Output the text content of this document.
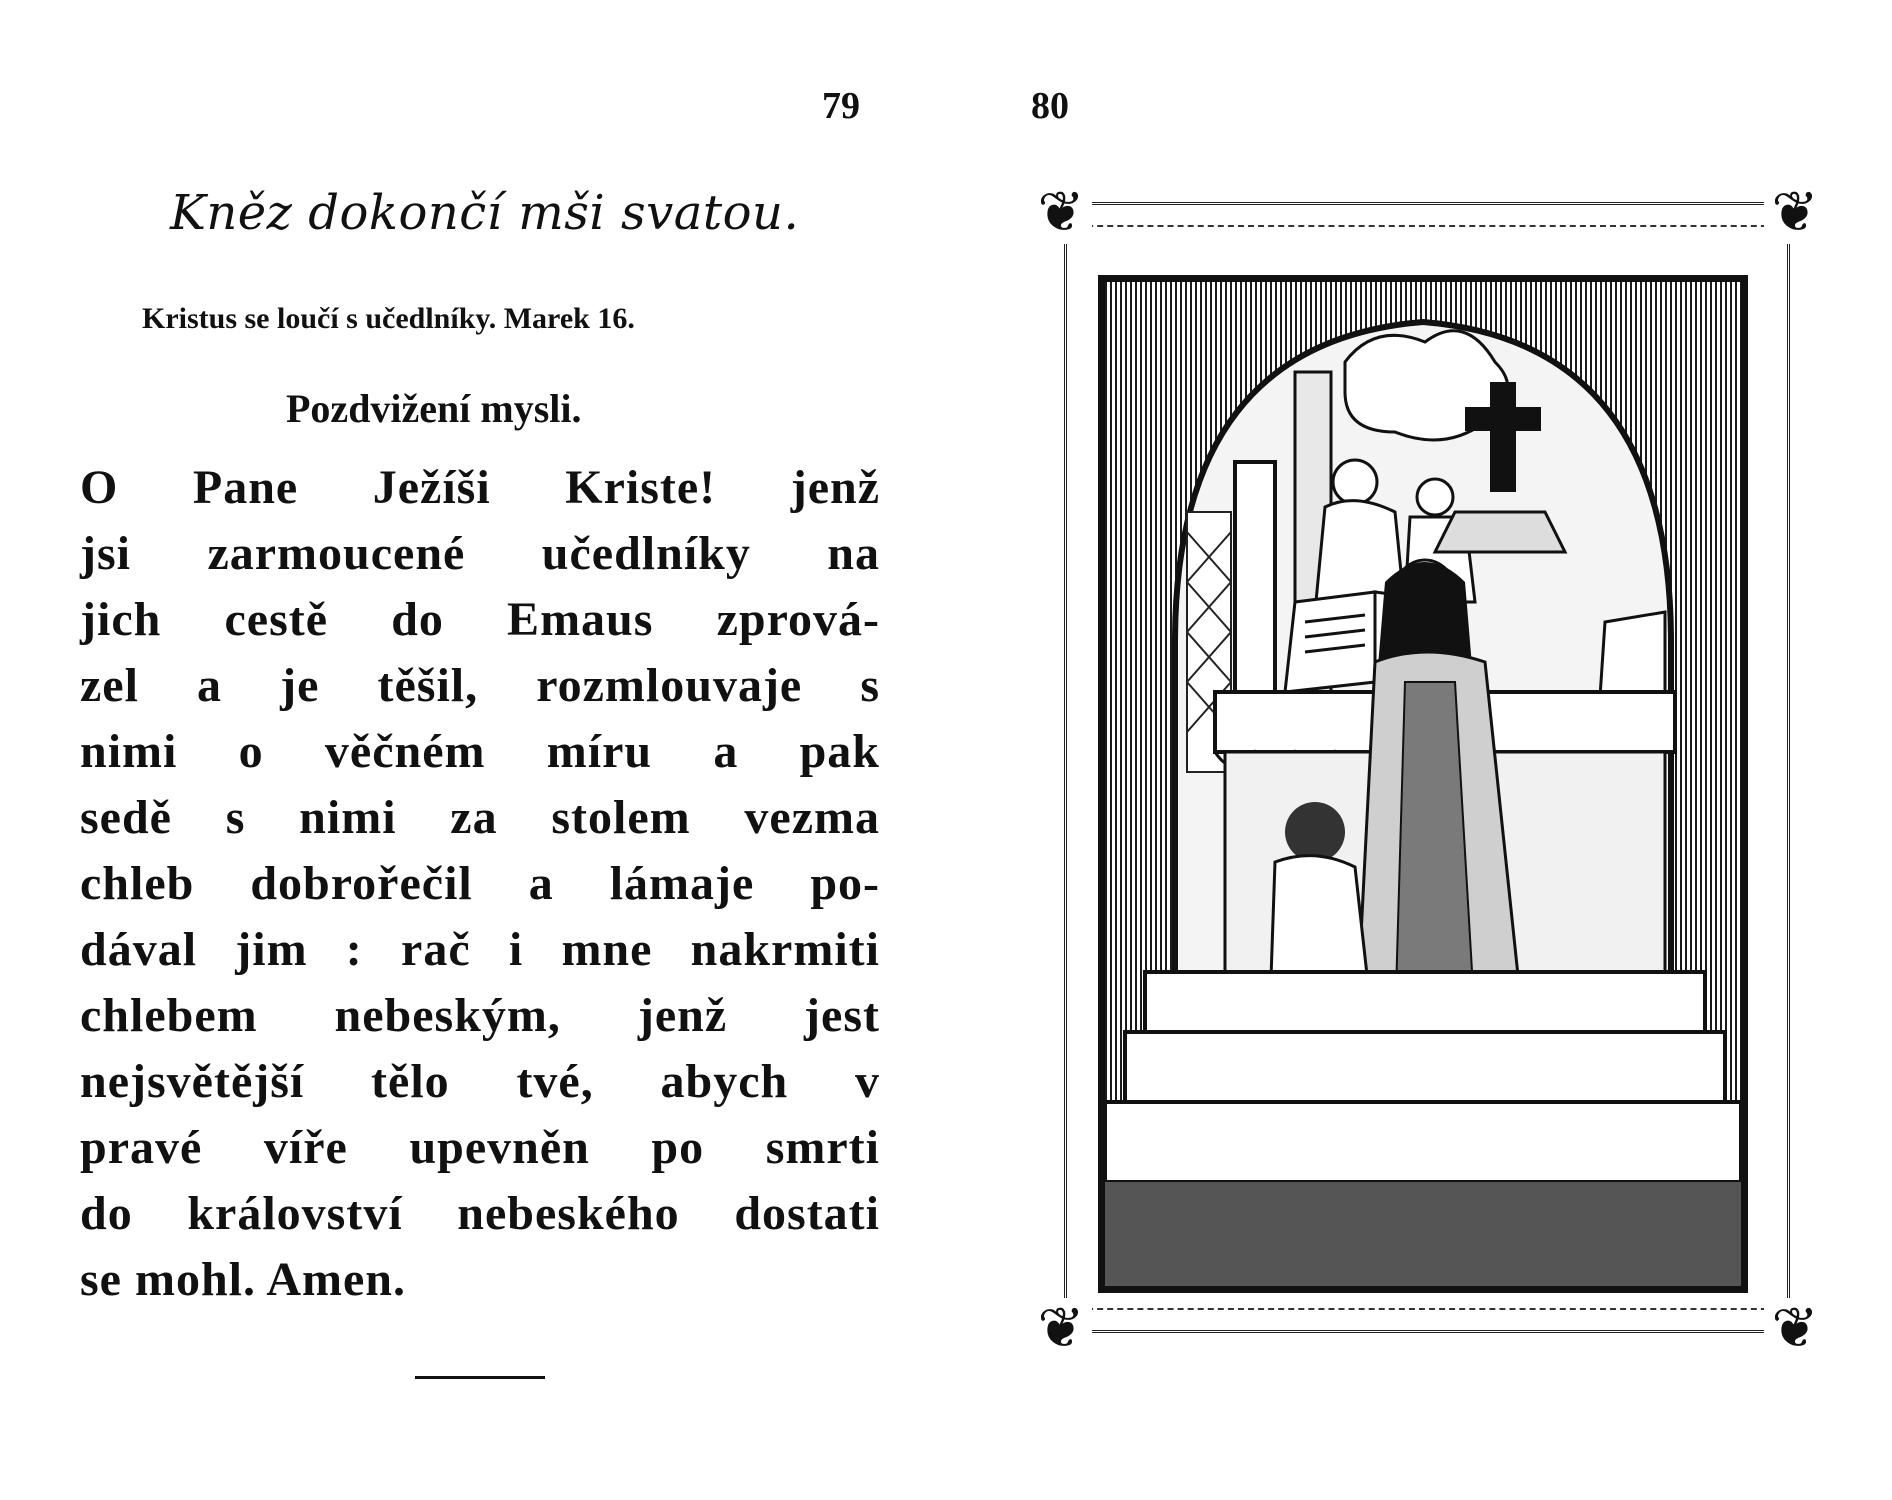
79
Kněz dokončí mši svatou.
Kristus se loučí s učedlníky. Marek 16.
Pozdvižení mysli.
O Pane Ježíši Kriste! jenž
jsi zarmoucené učedlníky na
jich cestě do Emaus zprová-
zel a je těšil, rozmlouvaje s
nimi o věčném míru a pak
sedě s nimi za stolem vezma
chleb dobrořečil a lámaje po-
dával jim : rač i mne nakrmiti
chlebem nebeským, jenž jest
nejsvětější tělo tvé, abych v
pravé víře upevněn po smrti
do království nebeského dostati
se mohl. Amen.
80
❦	❦
❦	❦
